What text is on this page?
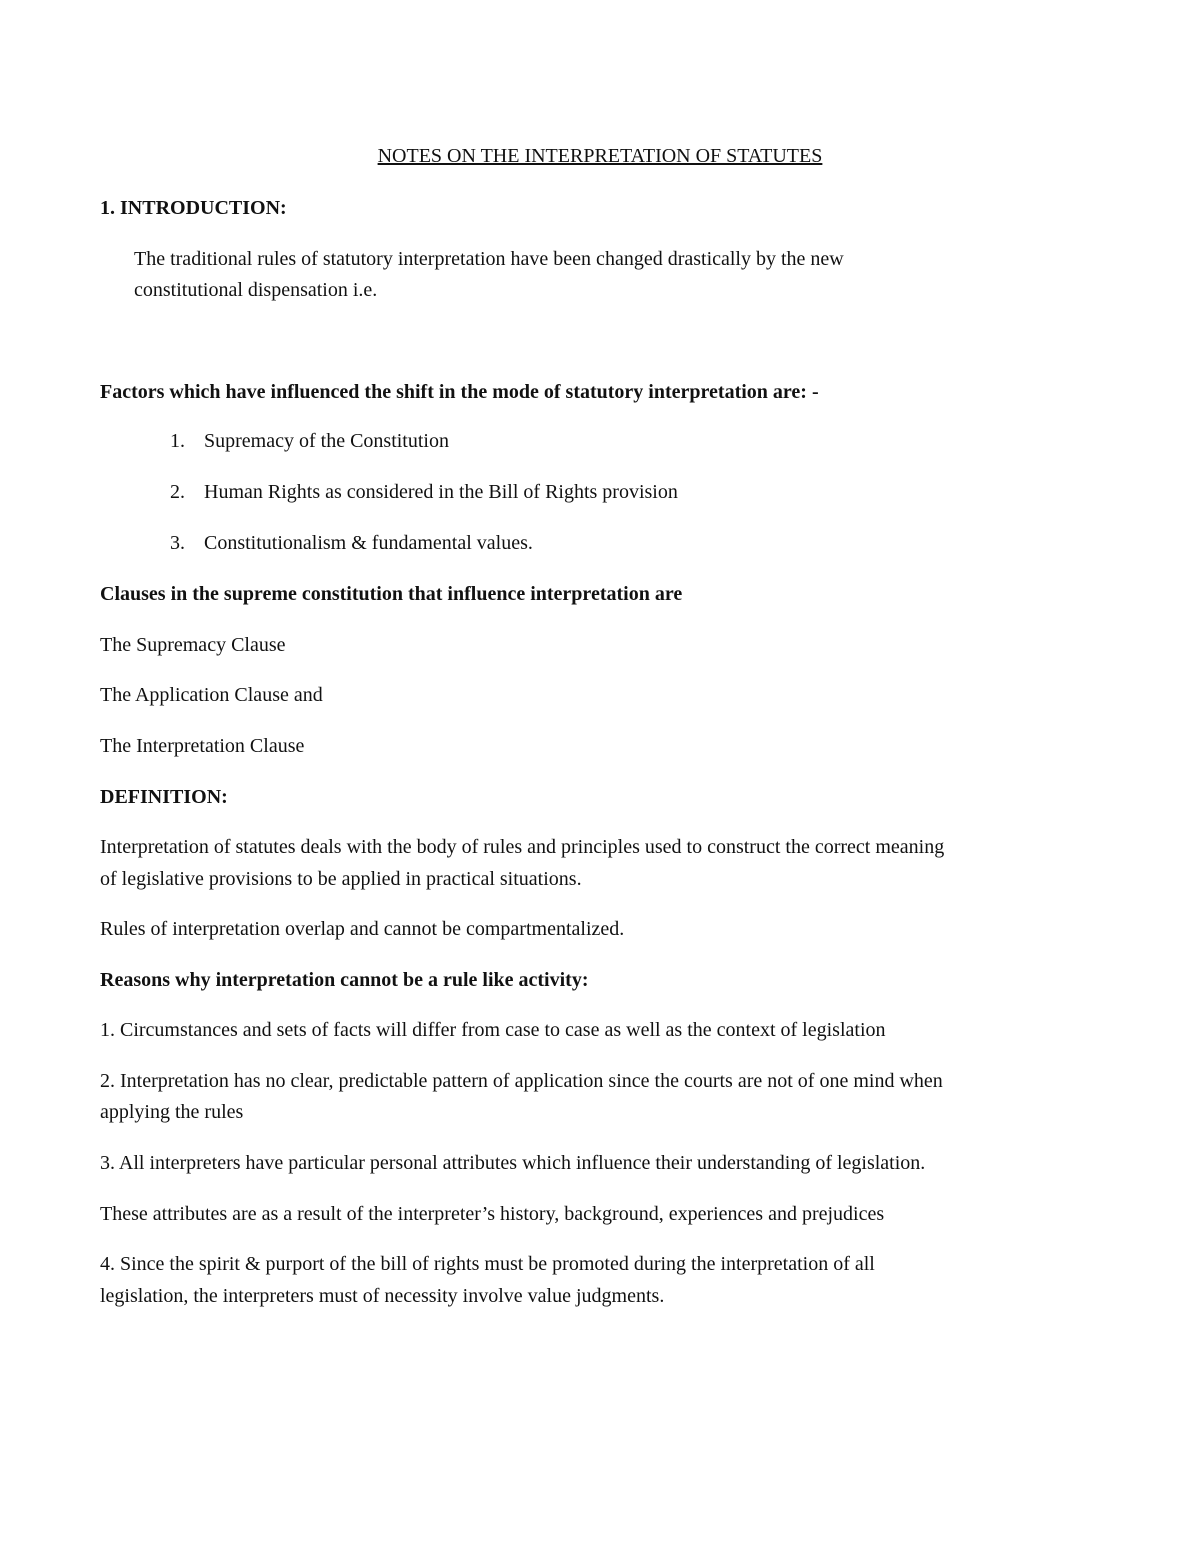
NOTES ON THE INTERPRETATION OF STATUTES

1. INTRODUCTION:

The traditional rules of statutory interpretation have been changed drastically by the new

constitutional dispensation i.e.

Factors which have influenced the shift in the mode of statutory interpretation are: -

1. Supremacy of the Constitution

2. Human Rights as considered in the Bill of Rights provision

3. Constitutionalism & fundamental values.

Clauses in the supreme constitution that influence interpretation are

The Supremacy Clause

The Application Clause and

The Interpretation Clause

DEFINITION:

Interpretation of statutes deals with the body of rules and principles used to construct the correct meaning

of legislative provisions to be applied in practical situations.

Rules of interpretation overlap and cannot be compartmentalized.

Reasons why interpretation cannot be a rule like activity:

1. Circumstances and sets of facts will differ from case to case as well as the context of legislation

2. Interpretation has no clear, predictable pattern of application since the courts are not of one mind when

applying the rules

3. All interpreters have particular personal attributes which influence their understanding of legislation.

These attributes are as a result of the interpreter’s history, background, experiences and prejudices

4. Since the spirit & purport of the bill of rights must be promoted during the interpretation of all

legislation, the interpreters must of necessity involve value judgments.
